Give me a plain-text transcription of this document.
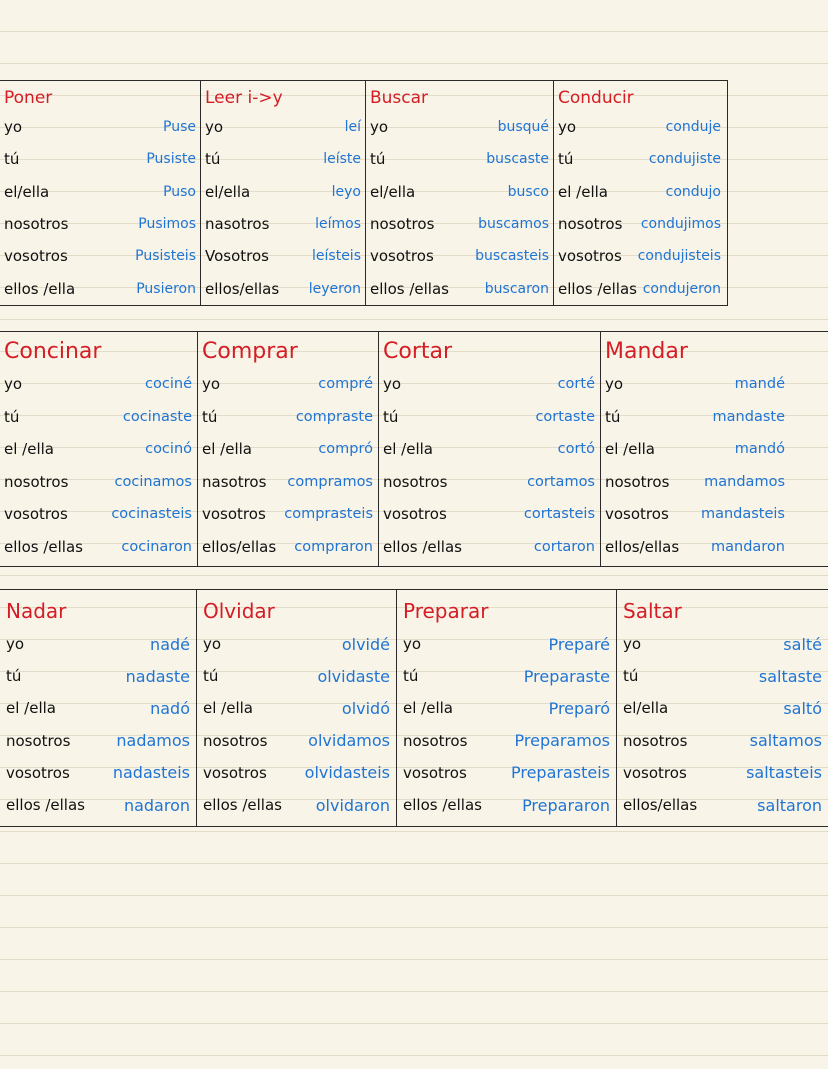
Poner
yo	Puse
tú	Pusiste
el/ella	Puso
nosotros	Pusimos
vosotros	Pusisteis
ellos /ella	Pusieron
Leer i->y
yo	leí
tú	leíste
el/ella	leyo
nasotros	leímos
Vosotros	leísteis
ellos/ellas leyeron
Buscar
yo	busqué
tú	buscaste
el/ella	busco
nosotros	buscamos
vosotros	buscasteis
ellos /ellas	buscaron
Conducir
yo	conduje
tú	condujiste
el /ella	condujo
nosotros condujimos
vosotros condujisteis
ellos /ellas condujeron
Concinar
yo	cociné
tú	cocinaste
el /ella	cocinó
nosotros	cocinamos
vosotros	cocinasteis
ellos /ellas	cocinaron
Comprar
yo	compré
tú	compraste
el /ella	compró
nasotros compramos
vosotros comprasteis
ellos/ellas compraron
Cortar
yo	corté
tú	cortaste
el /ella	cortó
nosotros	cortamos
vosotros	cortasteis
ellos /ellas	cortaron
Mandar
yo	mandé
tú	mandaste
el /ella	mandó
nosotros mandamos
vosotros mandasteis
ellos/ellas mandaron
Nadar
yo	nadé
tú	nadaste
el /ella	nadó
nosotros	nadamos
vosotros	nadasteis
ellos /ellas nadaron
Olvidar
yo	olvidé
tú	olvidaste
el /ella	olvidó
nosotros	olvidamos
vosotros olvidasteis
ellos /ellas olvidaron
Preparar
yo	Preparé
tú	Preparaste
el /ella	Preparó
nosotros	Preparamos
vosotros	Preparasteis
ellos /ellas	Prepararon
Saltar
yo	salté
tú	saltaste
el/ella	saltó
nosotros	saltamos
vosotros	saltasteis
ellos/ellas	saltaron
